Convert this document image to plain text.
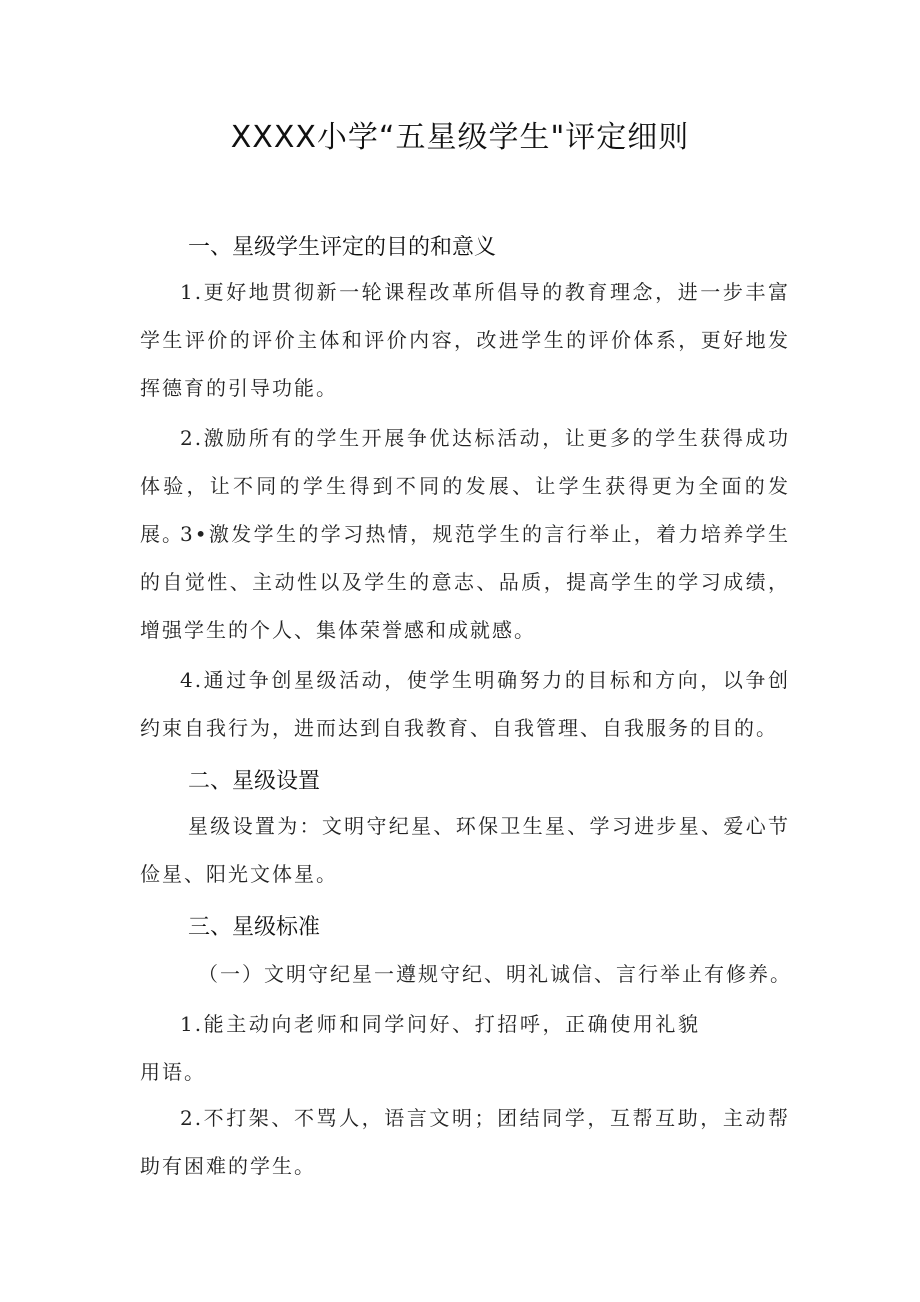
XXXX小学“五星级学生"评定细则
一、星级学生评定的目的和意义
1.更好地贯彻新一轮课程改革所倡导的教育理念，进一步丰富学生评价的评价主体和评价内容，改进学生的评价体系，更好地发挥德育的引导功能。
2.激励所有的学生开展争优达标活动，让更多的学生获得成功体验，让不同的学生得到不同的发展、让学生获得更为全面的发展。
3•激发学生的学习热情，规范学生的言行举止，着力培养学生的自觉性、主动性以及学生的意志、品质，提高学生的学习成绩，增强学生的个人、集体荣誉感和成就感。
4.通过争创星级活动，使学生明确努力的目标和方向，以争创约束自我行为，进而达到自我教育、自我管理、自我服务的目的。
二、星级设置
星级设置为：文明守纪星、环保卫生星、学习进步星、爱心节俭星、阳光文体星。
三、星级标准
（一）文明守纪星一遵规守纪、明礼诚信、言行举止有修养。
1.能主动向老师和同学问好、打招呼，正确使用礼貌用语。
2.不打架、不骂人，语言文明；团结同学，互帮互助，主动帮助有困难的学生。
